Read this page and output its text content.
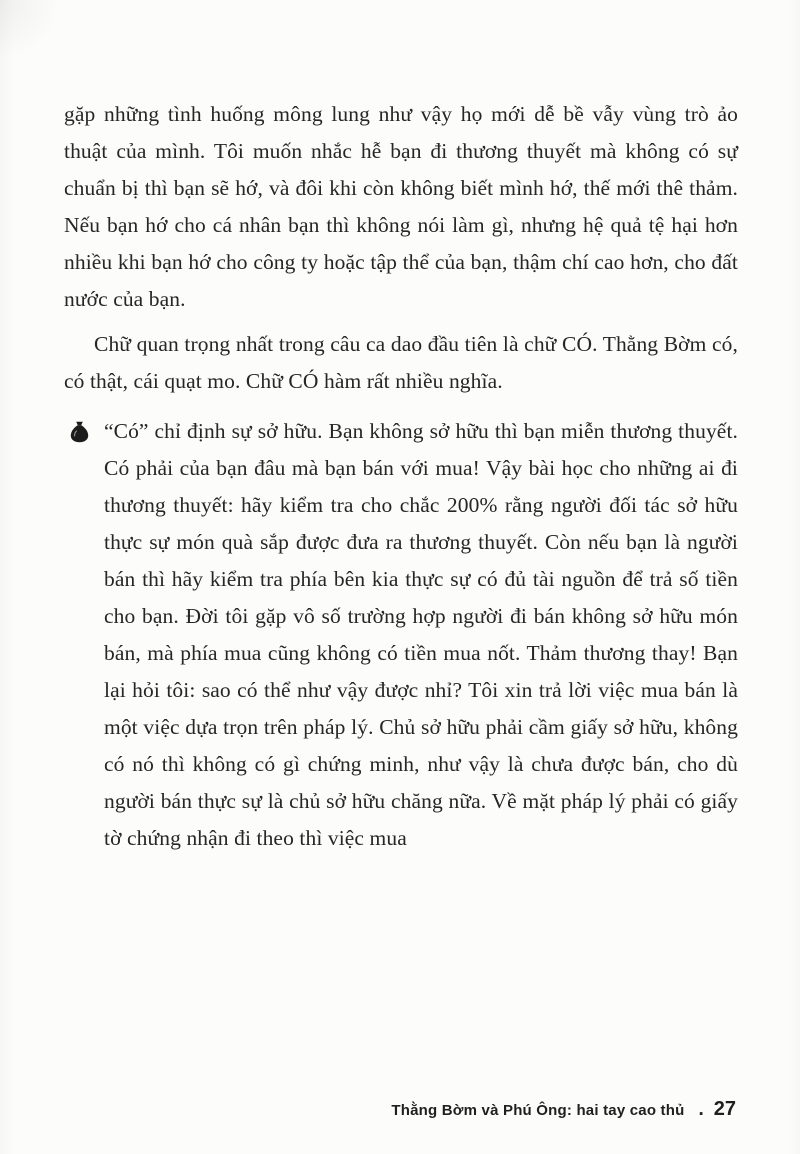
gặp những tình huống mông lung như vậy họ mới dễ bề vẫy vùng trò ảo thuật của mình. Tôi muốn nhắc hễ bạn đi thương thuyết mà không có sự chuẩn bị thì bạn sẽ hớ, và đôi khi còn không biết mình hớ, thế mới thê thảm. Nếu bạn hớ cho cá nhân bạn thì không nói làm gì, nhưng hệ quả tệ hại hơn nhiều khi bạn hớ cho công ty hoặc tập thể của bạn, thậm chí cao hơn, cho đất nước của bạn.

Chữ quan trọng nhất trong câu ca dao đầu tiên là chữ CÓ. Thằng Bờm có, có thật, cái quạt mo. Chữ CÓ hàm rất nhiều nghĩa.

“Có” chỉ định sự sở hữu. Bạn không sở hữu thì bạn miễn thương thuyết. Có phải của bạn đâu mà bạn bán với mua! Vậy bài học cho những ai đi thương thuyết: hãy kiểm tra cho chắc 200% rằng người đối tác sở hữu thực sự món quà sắp được đưa ra thương thuyết. Còn nếu bạn là người bán thì hãy kiểm tra phía bên kia thực sự có đủ tài nguồn để trả số tiền cho bạn. Đời tôi gặp vô số trường hợp người đi bán không sở hữu món bán, mà phía mua cũng không có tiền mua nốt. Thảm thương thay! Bạn lại hỏi tôi: sao có thể như vậy được nhỉ? Tôi xin trả lời việc mua bán là một việc dựa trọn trên pháp lý. Chủ sở hữu phải cầm giấy sở hữu, không có nó thì không có gì chứng minh, như vậy là chưa được bán, cho dù người bán thực sự là chủ sở hữu chăng nữa. Về mặt pháp lý phải có giấy tờ chứng nhận đi theo thì việc mua

Thằng Bờm và Phú Ông: hai tay cao thủ . 27
